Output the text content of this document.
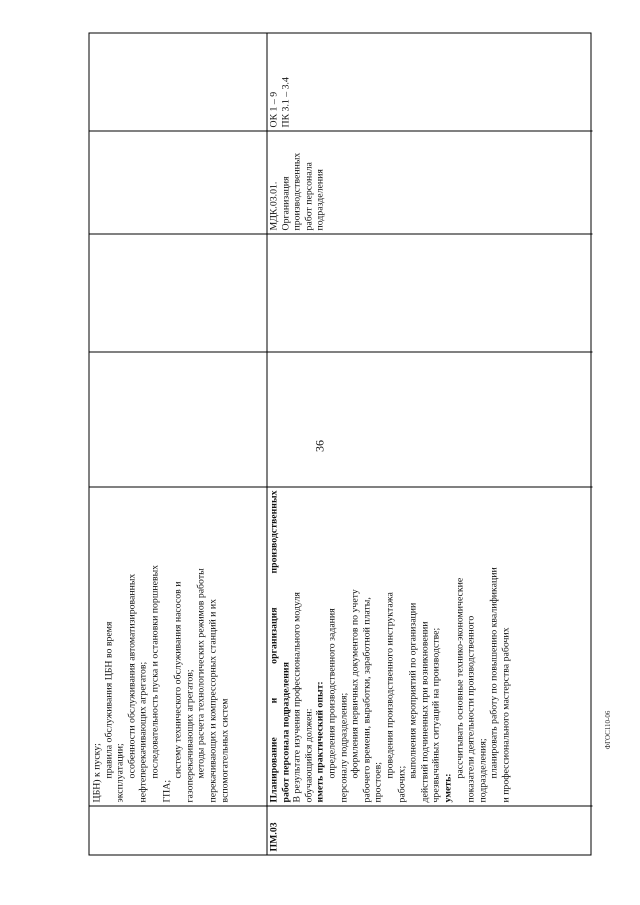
36
ЦБН) к пуску; правила обслуживания ЦБН во время эксплуатации; особенности обслуживания автоматизированных нефтеперекачивающих агрегатов; последовательность пуска и остановки поршневых
ГПА;
систему технического обслуживания насосов и газоперекачивающих агрегатов; методы расчета технологических режимов работы перекачивающих и компрессорных станций и их вспомогательных систем
ПМ.03
Планирование
и
организация
производственных
работ персонала подразделения В результате изучения профессионального модуля обучающийся должен: иметь практический опыт: определения производственного задания персоналу подразделения; оформления первичных документов по учету рабочего времени, выработки, заработной платы, простоев;
проведения производственного инструктажа
рабочих;
выполнения мероприятий по организации действий подчиненных при возникновении чрезвычайных ситуаций на производстве; уметь:
рассчитывать основные технико-экономические показатели деятельности производственного подразделения; планировать работу по повышению квалификации и профессионального мастерства рабочих
МДК.03.01. Организация производственных работ персонала подразделения
ОК 1 – 9 ПК 3.1 – 3.4
ФГОС110-06
